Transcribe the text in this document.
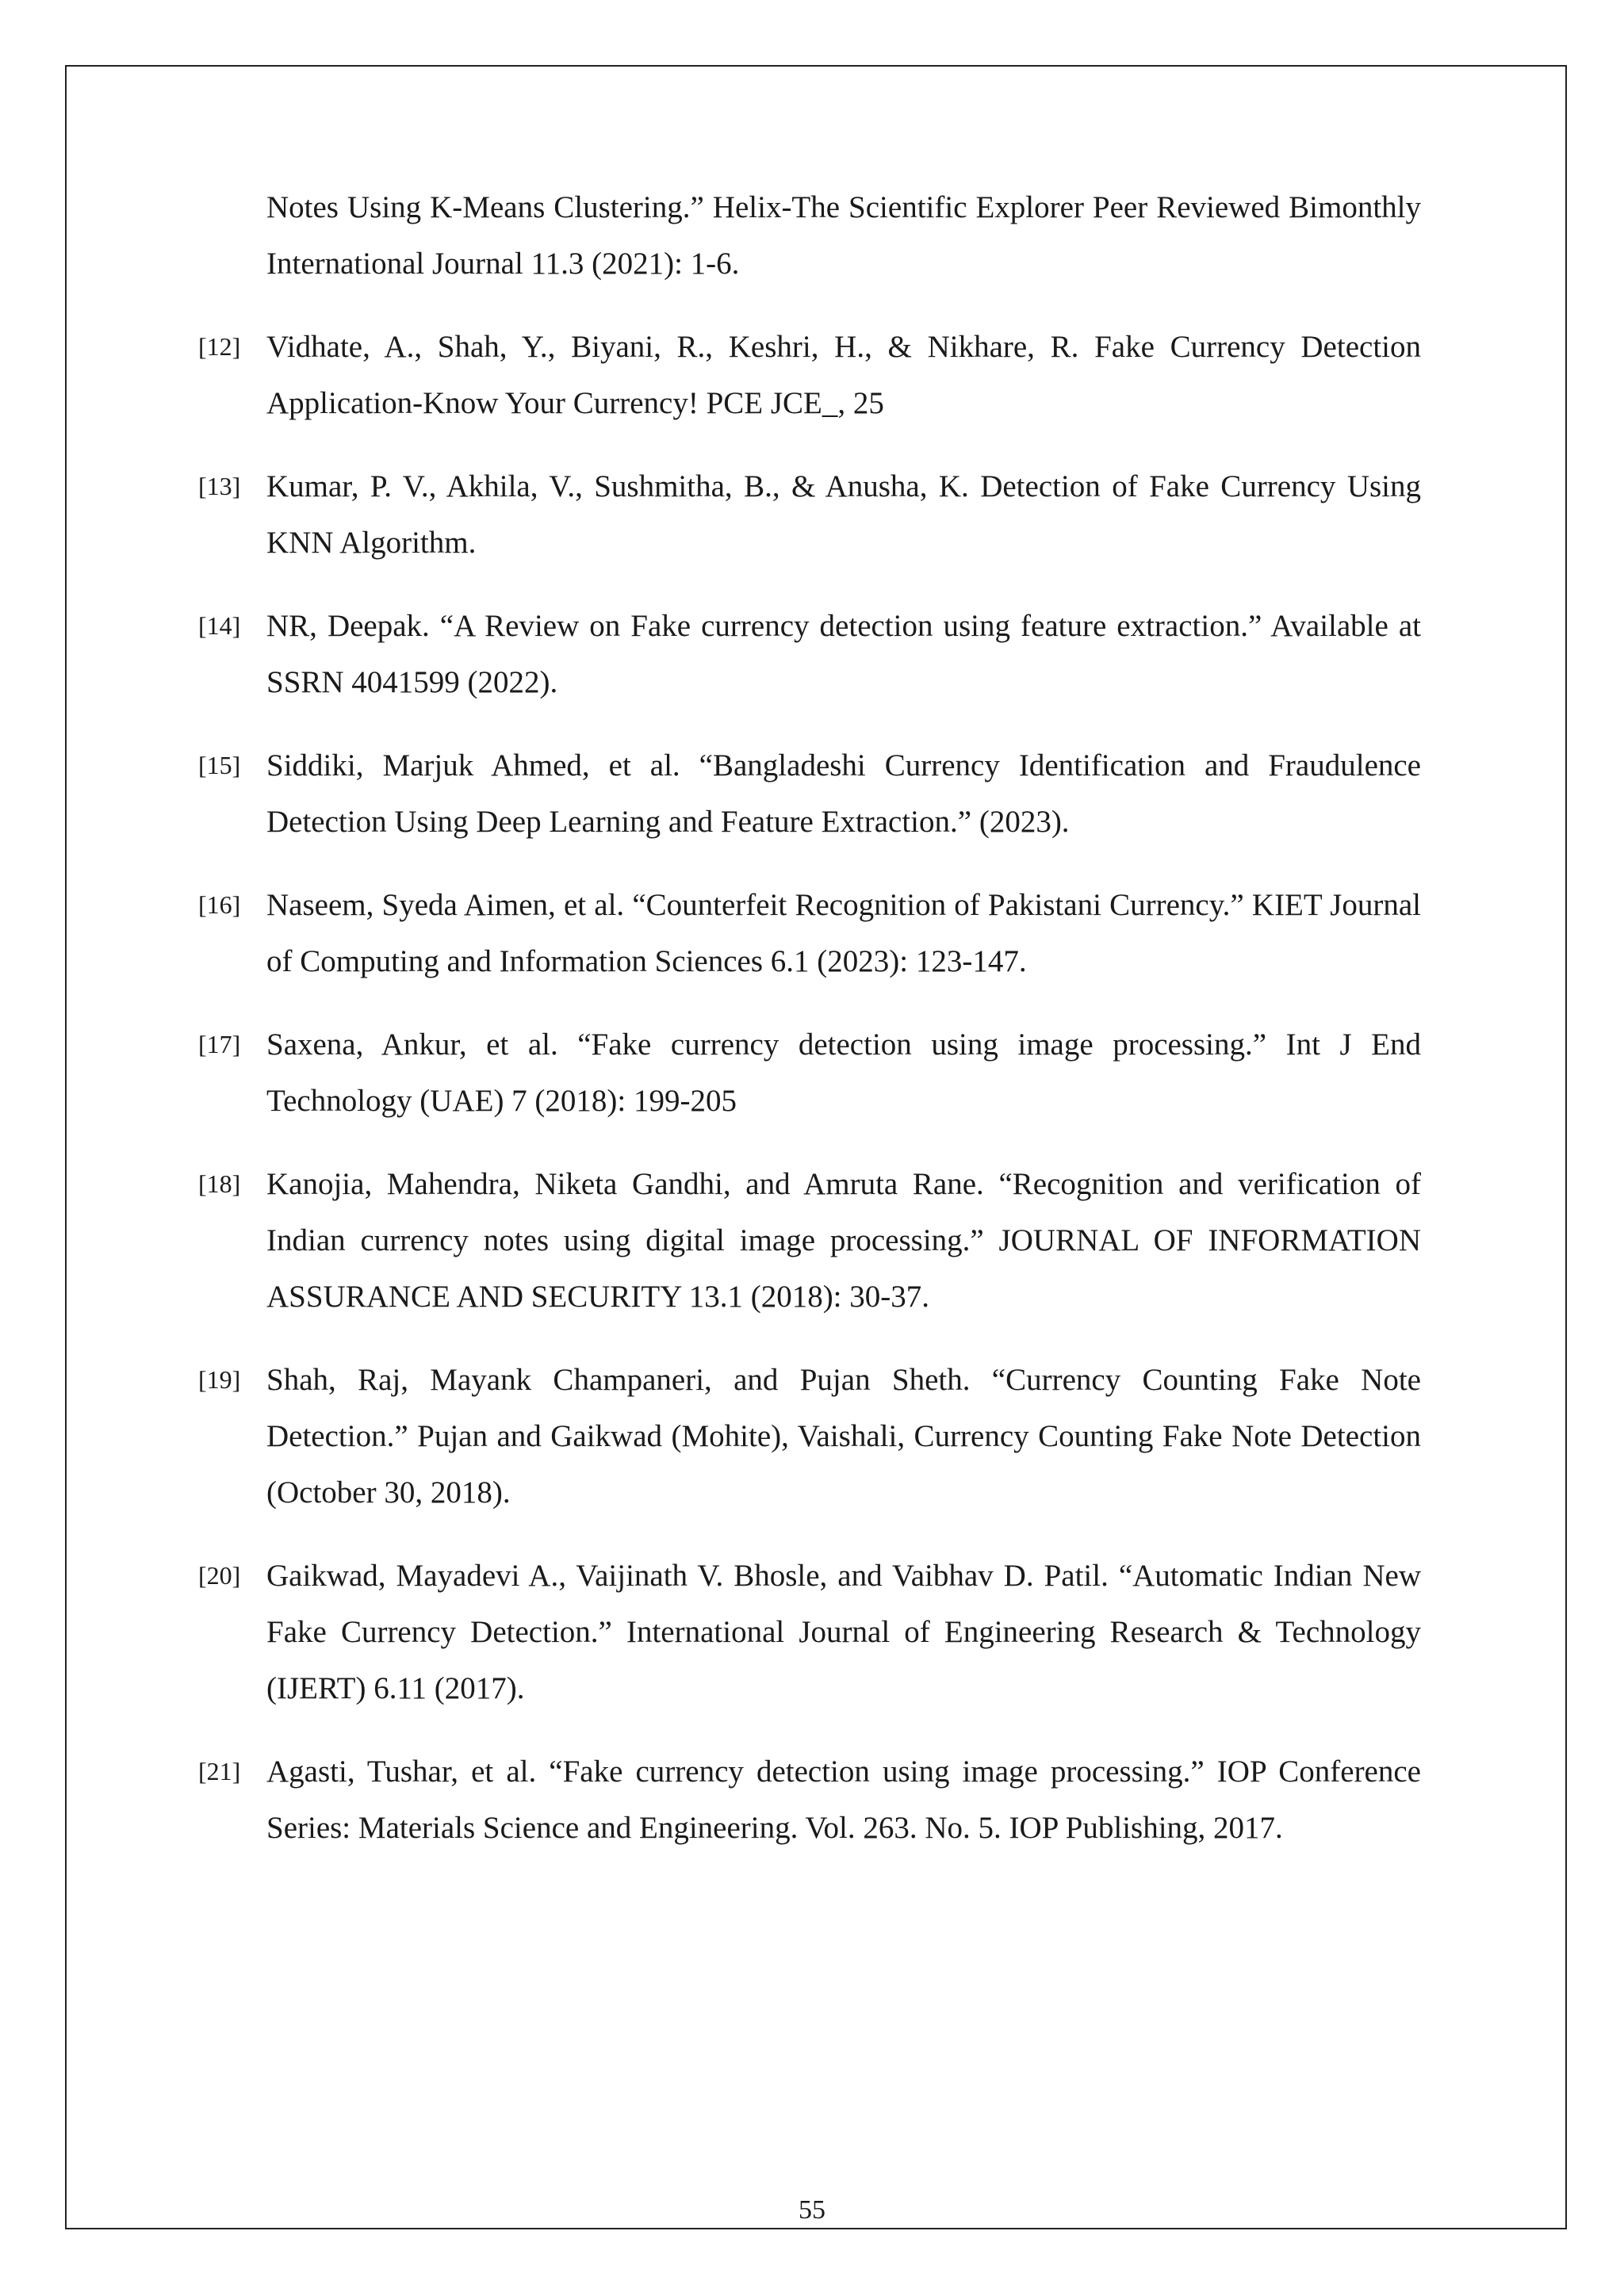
Notes Using K-Means Clustering.” Helix-The Scientific Explorer Peer Reviewed Bimonthly International Journal 11.3 (2021): 1-6.
[12] Vidhate, A., Shah, Y., Biyani, R., Keshri, H., & Nikhare, R. Fake Currency Detection Application-Know Your Currency! PCE JCE_, 25
[13] Kumar, P. V., Akhila, V., Sushmitha, B., & Anusha, K. Detection of Fake Currency Using KNN Algorithm.
[14] NR, Deepak. “A Review on Fake currency detection using feature extraction.” Available at SSRN 4041599 (2022).
[15] Siddiki, Marjuk Ahmed, et al. “Bangladeshi Currency Identification and Fraudulence Detection Using Deep Learning and Feature Extraction.” (2023).
[16] Naseem, Syeda Aimen, et al. “Counterfeit Recognition of Pakistani Currency.” KIET Journal of Computing and Information Sciences 6.1 (2023): 123-147.
[17] Saxena, Ankur, et al. “Fake currency detection using image processing.” Int J End Technology (UAE) 7 (2018): 199-205
[18] Kanojia, Mahendra, Niketa Gandhi, and Amruta Rane. “Recognition and verification of Indian currency notes using digital image processing.” JOURNAL OF INFORMATION ASSURANCE AND SECURITY 13.1 (2018): 30-37.
[19] Shah, Raj, Mayank Champaneri, and Pujan Sheth. “Currency Counting Fake Note Detection.” Pujan and Gaikwad (Mohite), Vaishali, Currency Counting Fake Note Detection (October 30, 2018).
[20] Gaikwad, Mayadevi A., Vaijinath V. Bhosle, and Vaibhav D. Patil. “Automatic Indian New Fake Currency Detection.” International Journal of Engineering Research & Technology (IJERT) 6.11 (2017).
[21] Agasti, Tushar, et al. “Fake currency detection using image processing.” IOP Conference Series: Materials Science and Engineering. Vol. 263. No. 5. IOP Publishing, 2017.
55
